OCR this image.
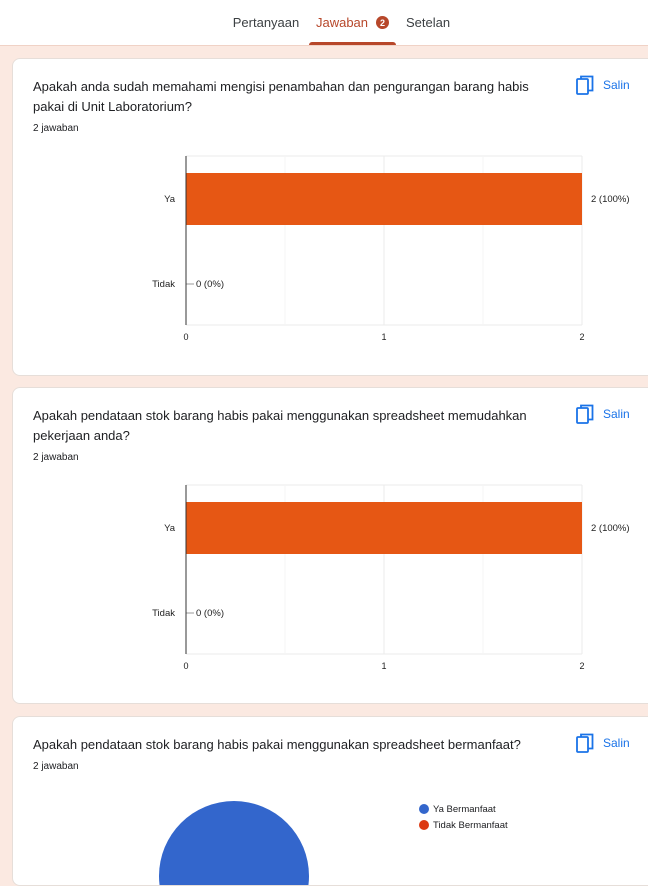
Pertanyaan Jawaban	2	Setelan
Apakah anda sudah memahami mengisi penambahan dan pengurangan barang habis pakai di Unit Laboratorium?
2 jawaban
Salin
0	1	2
Ya	2 (100%)
Tidak 0 (0%)
Apakah pendataan stok barang habis pakai menggunakan spreadsheet memudahkan pekerjaan anda?
2 jawaban
Salin
0	1	2
Ya	2 (100%)
Tidak 0 (0%)
Apakah pendataan stok barang habis pakai menggunakan spreadsheet bermanfaat?
2 jawaban
Salin
Ya Bermanfaat
Tidak Bermanfaat
